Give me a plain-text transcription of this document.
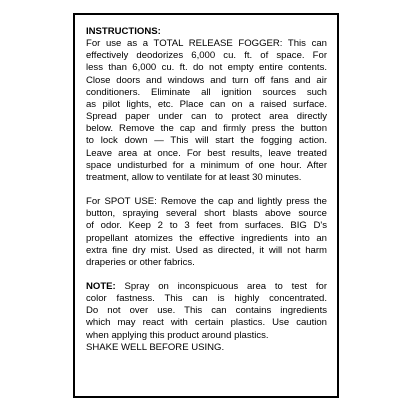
INSTRUCTIONS:

For use as a TOTAL RELEASE FOGGER: This can
effectively deodorizes 6,000 cu. ft. of space. For
less than 6,000 cu. ft. do not empty entire contents.
Close doors and windows and turn off fans and air
conditioners. Eliminate all ignition sources such
as pilot lights, etc. Place can on a raised surface.
Spread paper under can to protect area directly
below. Remove the cap and firmly press the button
to lock down — This will start the fogging action.
Leave area at once. For best results, leave treated
space undisturbed for a minimum of one hour. After
treatment, allow to ventilate for at least 30 minutes.

For SPOT USE: Remove the cap and lightly press the
button, spraying several short blasts above source
of odor. Keep 2 to 3 feet from surfaces. BIG D's
propellant atomizes the effective ingredients into an
extra fine dry mist. Used as directed, it will not harm
draperies or other fabrics.

NOTE: Spray on inconspicuous area to test for
color fastness. This can is highly concentrated.
Do not over use. This can contains ingredients
which may react with certain plastics. Use caution
when applying this product around plastics.
SHAKE WELL BEFORE USING.
